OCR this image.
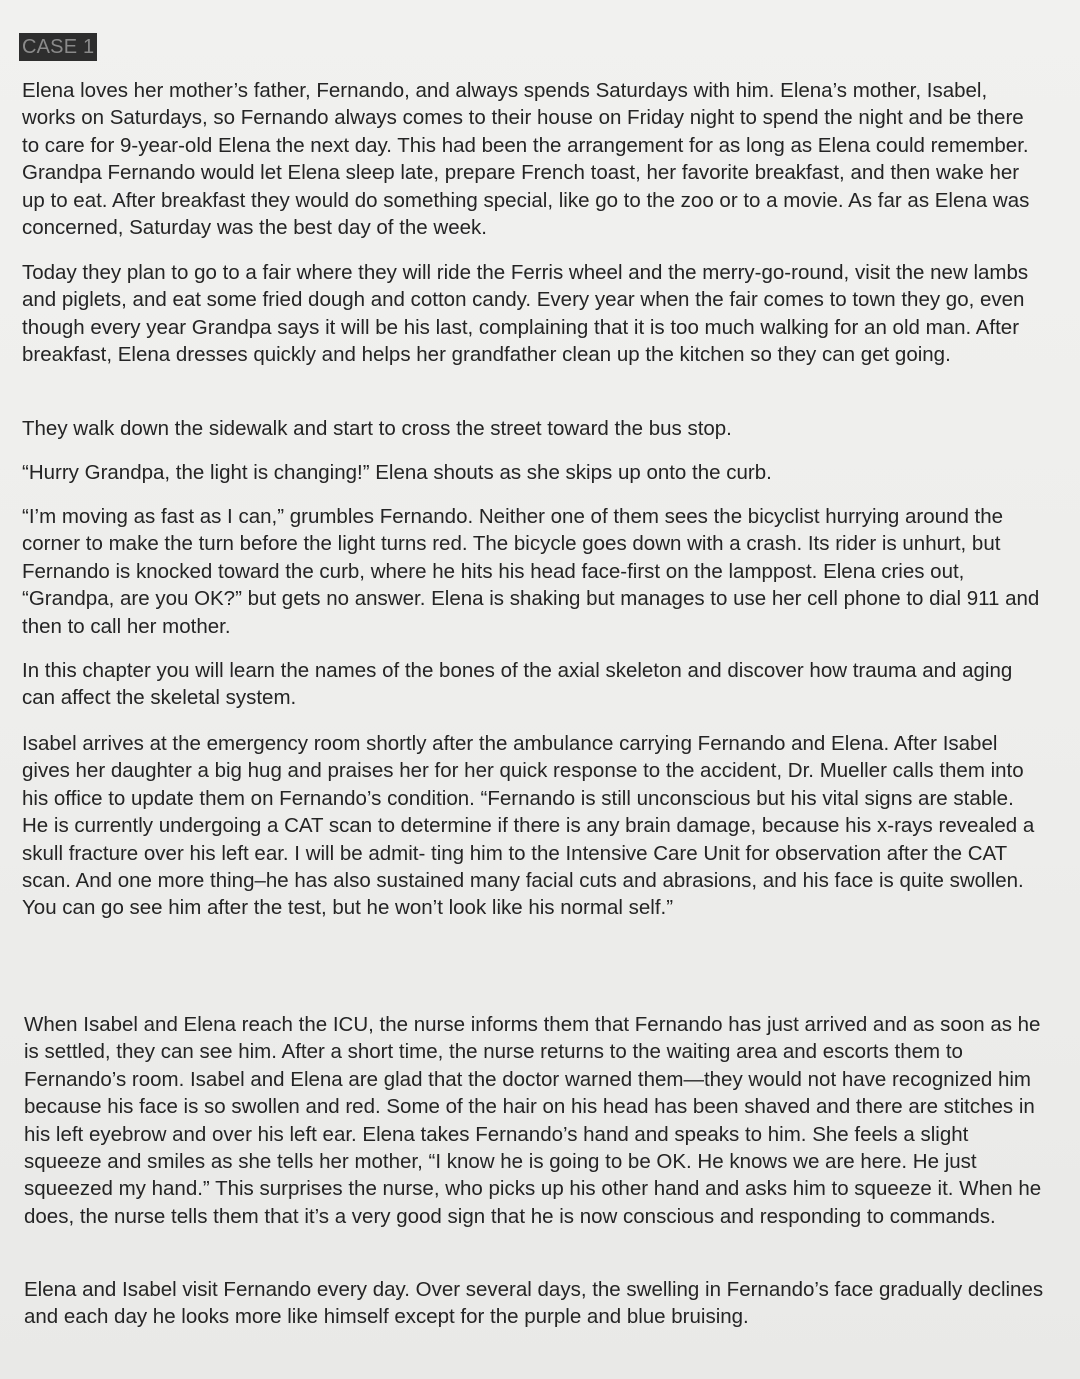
CASE 1

Elena loves her mother’s father, Fernando, and always spends Saturdays with him. Elena’s mother, Isabel, works on Saturdays, so Fernando always comes to their house on Friday night to spend the night and be there to care for 9-year-old Elena the next day. This had been the arrangement for as long as Elena could remember. Grandpa Fernando would let Elena sleep late, prepare French toast, her favorite breakfast, and then wake her up to eat. After breakfast they would do something special, like go to the zoo or to a movie. As far as Elena was concerned, Saturday was the best day of the week.

Today they plan to go to a fair where they will ride the Ferris wheel and the merry-go-round, visit the new lambs and piglets, and eat some fried dough and cotton candy. Every year when the fair comes to town they go, even though every year Grandpa says it will be his last, complaining that it is too much walking for an old man. After breakfast, Elena dresses quickly and helps her grandfather clean up the kitchen so they can get going.

They walk down the sidewalk and start to cross the street toward the bus stop.

“Hurry Grandpa, the light is changing!” Elena shouts as she skips up onto the curb.

“I’m moving as fast as I can,” grumbles Fernando. Neither one of them sees the bicyclist hurrying around the corner to make the turn before the light turns red. The bicycle goes down with a crash. Its rider is unhurt, but Fernando is knocked toward the curb, where he hits his head face-first on the lamppost. Elena cries out, “Grandpa, are you OK?” but gets no answer. Elena is shaking but manages to use her cell phone to dial 911 and then to call her mother.

In this chapter you will learn the names of the bones of the axial skeleton and discover how trauma and aging can affect the skeletal system.

Isabel arrives at the emergency room shortly after the ambulance carrying Fernando and Elena. After Isabel gives her daughter a big hug and praises her for her quick response to the accident, Dr. Mueller calls them into his office to update them on Fernando’s condition. “Fernando is still unconscious but his vital signs are stable. He is currently undergoing a CAT scan to determine if there is any brain damage, because his x-rays revealed a skull fracture over his left ear. I will be admit- ting him to the Intensive Care Unit for observation after the CAT scan. And one more thing–he has also sustained many facial cuts and abrasions, and his face is quite swollen. You can go see him after the test, but he won’t look like his normal self.”

When Isabel and Elena reach the ICU, the nurse informs them that Fernando has just arrived and as soon as he is settled, they can see him. After a short time, the nurse returns to the waiting area and escorts them to Fernando’s room. Isabel and Elena are glad that the doctor warned them—they would not have recognized him because his face is so swollen and red. Some of the hair on his head has been shaved and there are stitches in his left eyebrow and over his left ear. Elena takes Fernando’s hand and speaks to him. She feels a slight squeeze and smiles as she tells her mother, “I know he is going to be OK. He knows we are here. He just squeezed my hand.” This surprises the nurse, who picks up his other hand and asks him to squeeze it. When he does, the nurse tells them that it’s a very good sign that he is now conscious and responding to commands.

Elena and Isabel visit Fernando every day. Over several days, the swelling in Fernando’s face gradually declines and each day he looks more like himself except for the purple and blue bruising.
